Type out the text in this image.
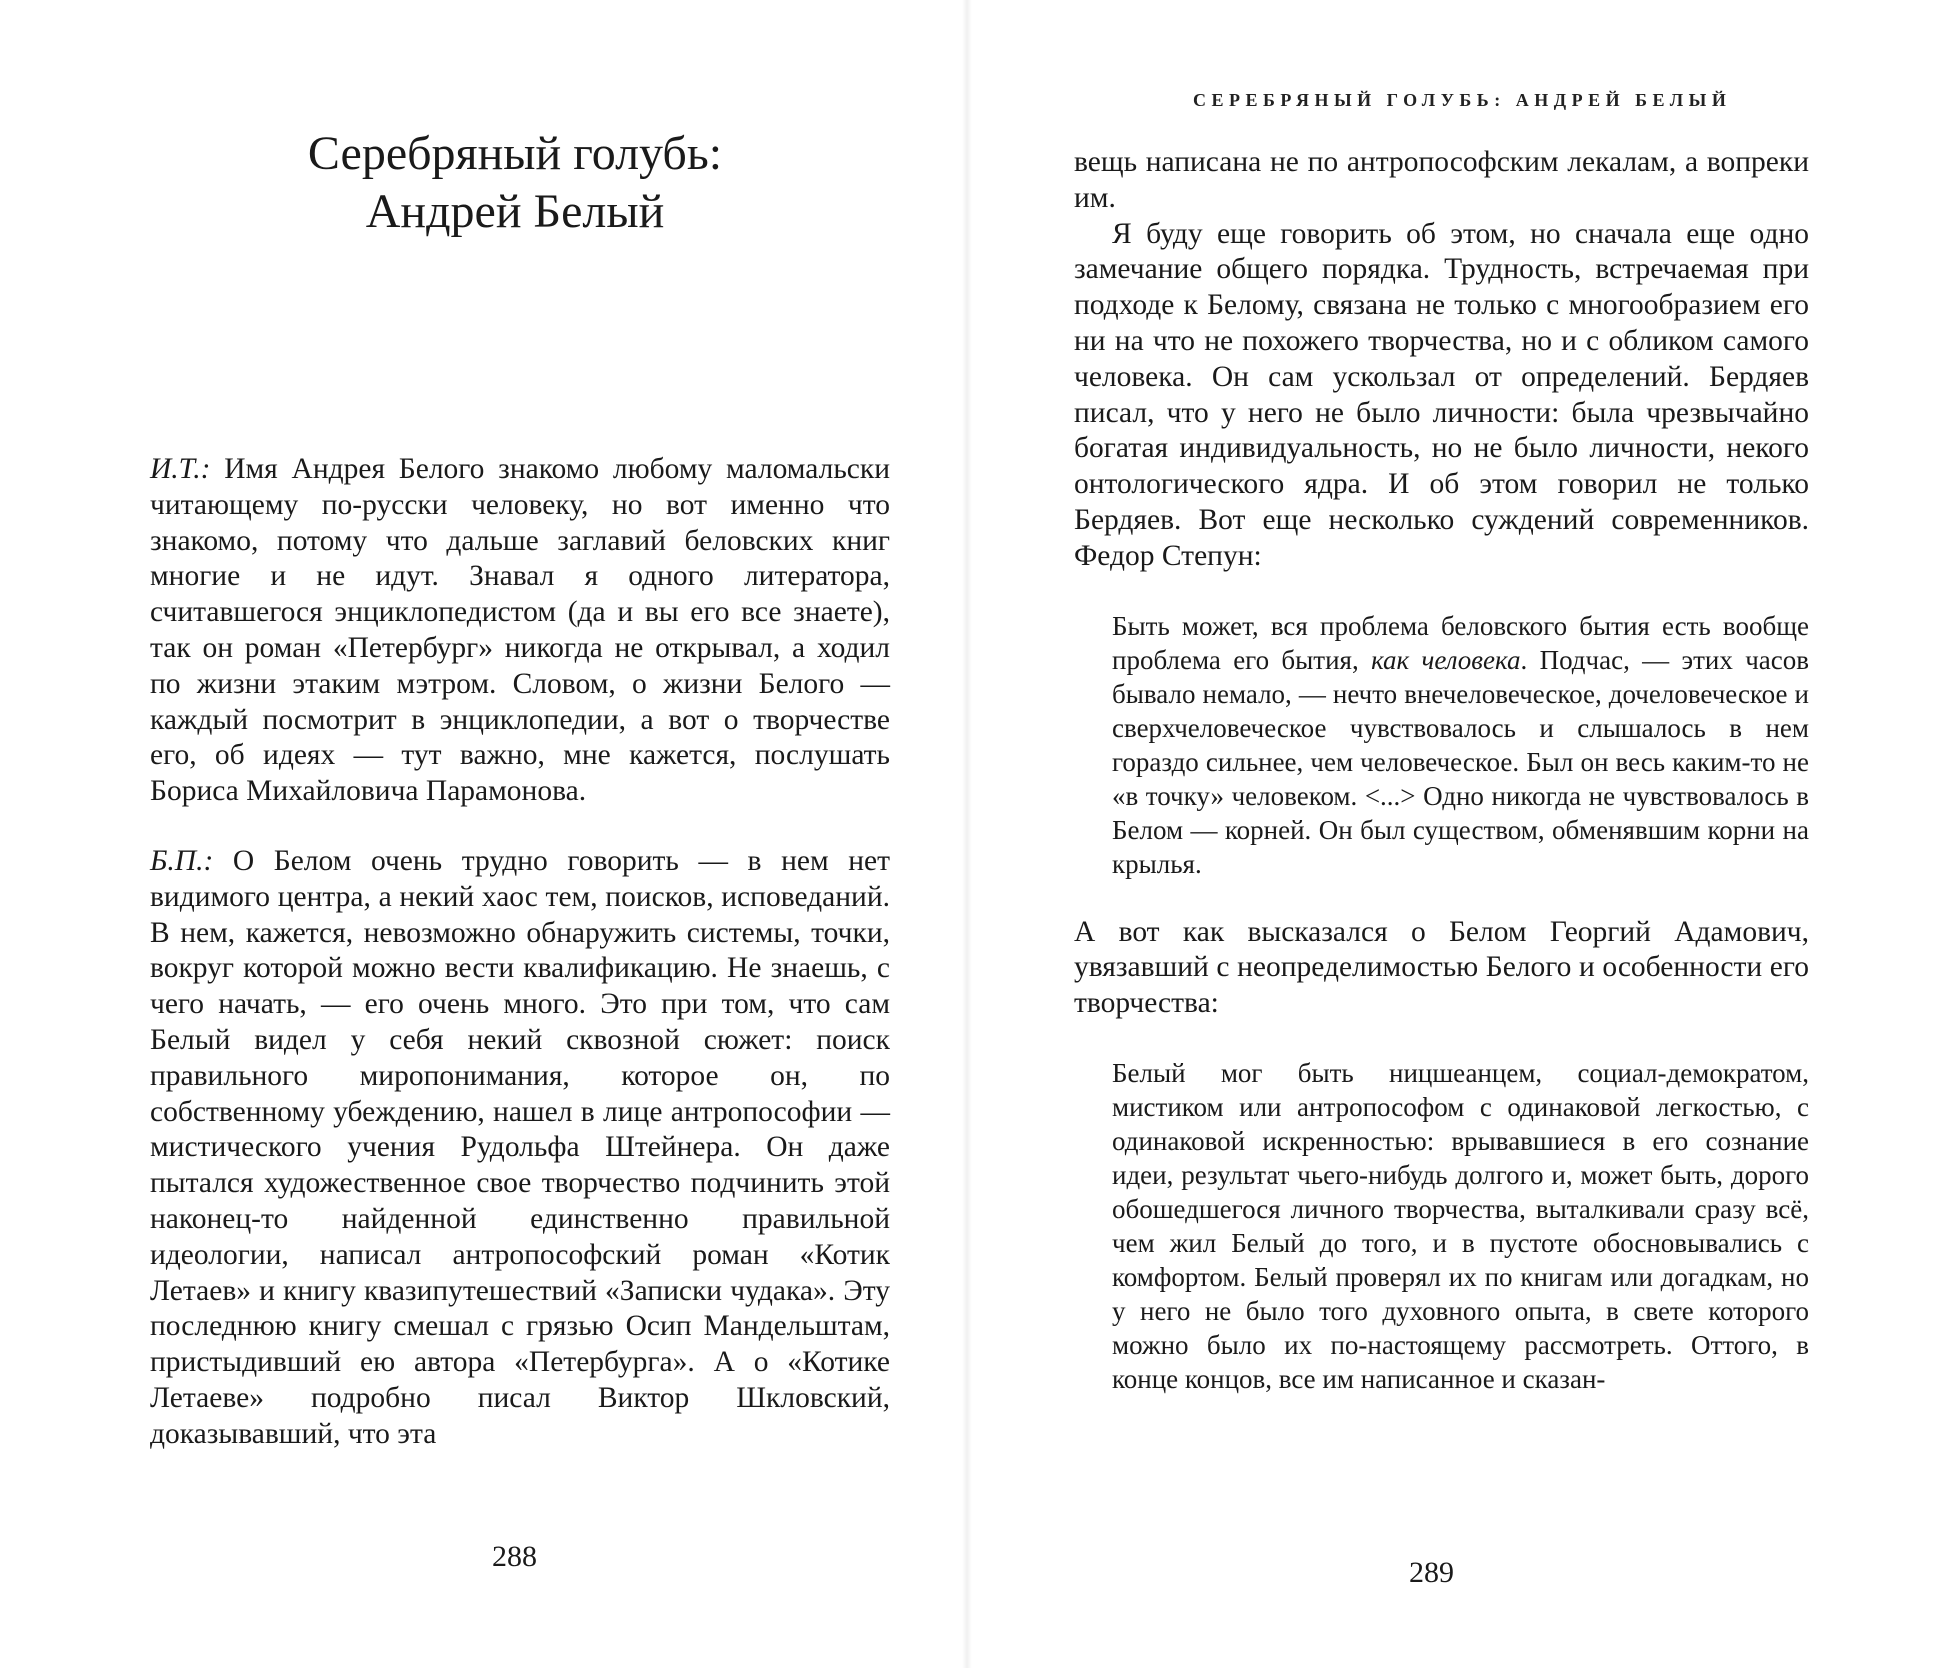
Серебряный голубь:
Андрей Белый

И.Т.: Имя Андрея Белого знакомо любому маломальски читающему по-русски человеку, но вот именно что знакомо, потому что дальше заглавий беловских книг многие и не идут. Знавал я одного литератора, считавшегося энциклопедистом (да и вы его все знаете), так он роман «Петербург» никогда не открывал, а ходил по жизни этаким мэтром. Словом, о жизни Белого — каждый посмотрит в энциклопедии, а вот о творчестве его, об идеях — тут важно, мне кажется, послушать Бориса Михайловича Парамонова.

Б.П.: О Белом очень трудно говорить — в нем нет видимого центра, а некий хаос тем, поисков, исповеданий. В нем, кажется, невозможно обнаружить системы, точки, вокруг которой можно вести квалификацию. Не знаешь, с чего начать, — его очень много. Это при том, что сам Белый видел у себя некий сквозной сюжет: поиск правильного миропонимания, которое он, по собственному убеждению, нашел в лице антропософии — мистического учения Рудольфа Штейнера. Он даже пытался художественное свое творчество подчинить этой наконец-то найденной единственно правильной идеологии, написал антропософский роман «Котик Летаев» и книгу квазипутешествий «Записки чудака». Эту последнюю книгу смешал с грязью Осип Мандельштам, пристыдивший ею автора «Петербурга». А о «Котике Летаеве» подробно писал Виктор Шкловский, доказывавший, что эта

288
СЕРЕБРЯНЫЙ ГОЛУБЬ: АНДРЕЙ БЕЛЫЙ

вещь написана не по антропософским лекалам, а вопреки им.

Я буду еще говорить об этом, но сначала еще одно замечание общего порядка. Трудность, встречаемая при подходе к Белому, связана не только с многообразием его ни на что не похожего творчества, но и с обликом самого человека. Он сам ускользал от определений. Бердяев писал, что у него не было личности: была чрезвычайно богатая индивидуальность, но не было личности, некого онтологического ядра. И об этом говорил не только Бердяев. Вот еще несколько суждений современников. Федор Степун:

Быть может, вся проблема беловского бытия есть вообще проблема его бытия, как человека. Подчас, — этих часов бывало немало, — нечто внечеловеческое, дочеловеческое и сверхчеловеческое чувствовалось и слышалось в нем гораздо сильнее, чем человеческое. Был он весь каким-то не «в точку» человеком. <...> Одно никогда не чувствовалось в Белом — корней. Он был существом, обменявшим корни на крылья.

А вот как высказался о Белом Георгий Адамович, увязавший с неопределимостью Белого и особенности его творчества:

Белый мог быть ницшеанцем, социал-демократом, мистиком или антропософом с одинаковой легкостью, с одинаковой искренностью: врывавшиеся в его сознание идеи, результат чьего-нибудь долгого и, может быть, дорого обошедшегося личного творчества, выталкивали сразу всё, чем жил Белый до того, и в пустоте обосновывались с комфортом. Белый проверял их по книгам или догадкам, но у него не было того духовного опыта, в свете которого можно было их по-настоящему рассмотреть. Оттого, в конце концов, все им написанное и сказан-

289
